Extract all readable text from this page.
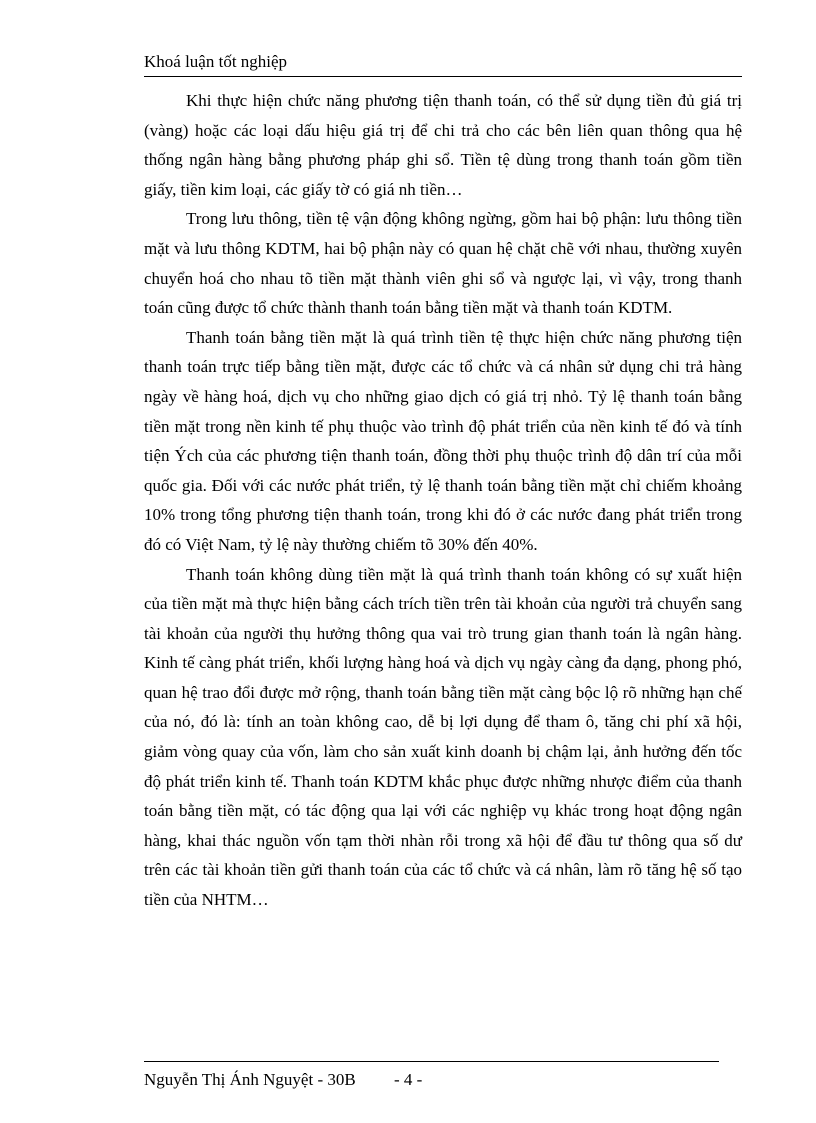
Khoá luận tốt nghiệp

Khi thực hiện chức năng phương tiện thanh toán, có thể sử dụng tiền đủ giá trị (vàng) hoặc các loại dấu hiệu giá trị để chi trả cho các bên liên quan thông qua hệ thống ngân hàng bằng phương pháp ghi sổ. Tiền tệ dùng trong thanh toán gồm tiền giấy, tiền kim loại, các giấy tờ có giá nh tiền…

Trong lưu thông, tiền tệ vận động không ngừng, gồm hai bộ phận: lưu thông tiền mặt và lưu thông KDTM, hai bộ phận này có quan hệ chặt chẽ với nhau, thường xuyên chuyển hoá cho nhau tõ tiền mặt thành viên ghi sổ và ngược lại, vì vậy, trong thanh toán cũng được tổ chức thành thanh toán bằng tiền mặt và thanh toán KDTM.

Thanh toán bằng tiền mặt là quá trình tiền tệ thực hiện chức năng phương tiện thanh toán trực tiếp bằng tiền mặt, được các tổ chức và cá nhân sử dụng chi trả hàng ngày về hàng hoá, dịch vụ cho những giao dịch có giá trị nhỏ. Tỷ lệ thanh toán bằng tiền mặt trong nền kinh tế phụ thuộc vào trình độ phát triển của nền kinh tế đó và tính tiện Ých của các phương tiện thanh toán, đồng thời phụ thuộc trình độ dân trí của mỗi quốc gia. Đối với các nước phát triển, tỷ lệ thanh toán bằng tiền mặt chỉ chiếm khoảng 10% trong tổng phương tiện thanh toán, trong khi đó ở các nước đang phát triển trong đó có Việt Nam, tỷ lệ này thường chiếm tõ 30% đến 40%.

Thanh toán không dùng tiền mặt là quá trình thanh toán không có sự xuất hiện của tiền mặt mà thực hiện bằng cách trích tiền trên tài khoản của người trả chuyển sang tài khoản của người thụ hưởng thông qua vai trò trung gian thanh toán là ngân hàng. Kinh tế càng phát triển, khối lượng hàng hoá và dịch vụ ngày càng đa dạng, phong phó, quan hệ trao đổi được mở rộng, thanh toán bằng tiền mặt càng bộc lộ rõ những hạn chế của nó, đó là: tính an toàn không cao, dễ bị lợi dụng để tham ô, tăng chi phí xã hội, giảm vòng quay của vốn, làm cho sản xuất kinh doanh bị chậm lại, ảnh hưởng đến tốc độ phát triển kinh tế. Thanh toán KDTM khắc phục được những nhược điểm của thanh toán bằng tiền mặt, có tác động qua lại với các nghiệp vụ khác trong hoạt động ngân hàng, khai thác nguồn vốn tạm thời nhàn rỗi trong xã hội để đầu tư thông qua số dư trên các tài khoản tiền gửi thanh toán của các tổ chức và cá nhân, làm rõ tăng hệ số tạo tiền của NHTM…

Nguyễn Thị Ánh Nguyệt - 30B - 4 -
